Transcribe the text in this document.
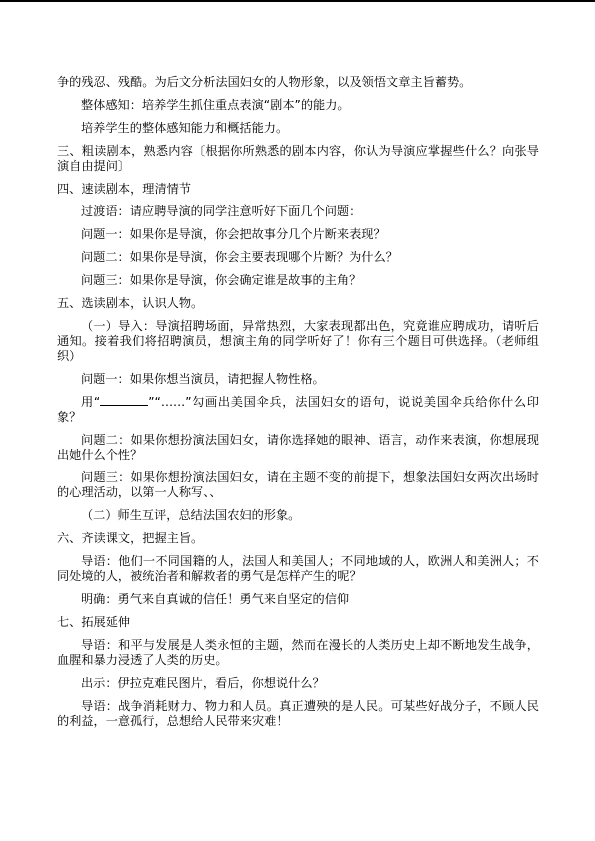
争的残忍、残酷。为后文分析法国妇女的人物形象，以及领悟文章主旨蓄势。

整体感知：培养学生抓住重点表演“剧本”的能力。

培养学生的整体感知能力和概括能力。

三、粗读剧本，熟悉内容〔根据你所熟悉的剧本内容，你认为导演应掌握些什么？向张导演自由提问〕

四、速读剧本，理清情节

过渡语：请应聘导演的同学注意听好下面几个问题：

问题一：如果你是导演，你会把故事分几个片断来表现？

问题二：如果你是导演，你会主要表现哪个片断？为什么？

问题三：如果你是导演，你会确定谁是故事的主角？

五、选读剧本，认识人物。

（一）导入：导演招聘场面，异常热烈，大家表现都出色，究竟谁应聘成功，请听后通知。接着我们将招聘演员，想演主角的同学听好了！你有三个题目可供选择。（老师组织）

问题一：如果你想当演员，请把握人物性格。

用“	”“……”勾画出美国伞兵，法国妇女的语句，说说美国伞兵给你什么印象？

问题二：如果你想扮演法国妇女，请你选择她的眼神、语言，动作来表演，你想展现出她什么个性？

问题三：如果你想扮演法国妇女，请在主题不变的前提下，想象法国妇女两次出场时的心理活动，以第一人称写、、

（二）师生互评，总结法国农妇的形象。

六、齐读课文，把握主旨。

导语：他们一不同国籍的人，法国人和美国人；不同地域的人，欧洲人和美洲人；不同处境的人，被统治者和解救者的勇气是怎样产生的呢？

明确：勇气来自真诚的信任！勇气来自坚定的信仰

七、拓展延伸

导语：和平与发展是人类永恒的主题，然而在漫长的人类历史上却不断地发生战争，血腥和暴力浸透了人类的历史。

出示：伊拉克难民图片，看后，你想说什么？

导语：战争消耗财力、物力和人员。真正遭殃的是人民。可某些好战分子，不顾人民的利益，一意孤行，总想给人民带来灾难！
